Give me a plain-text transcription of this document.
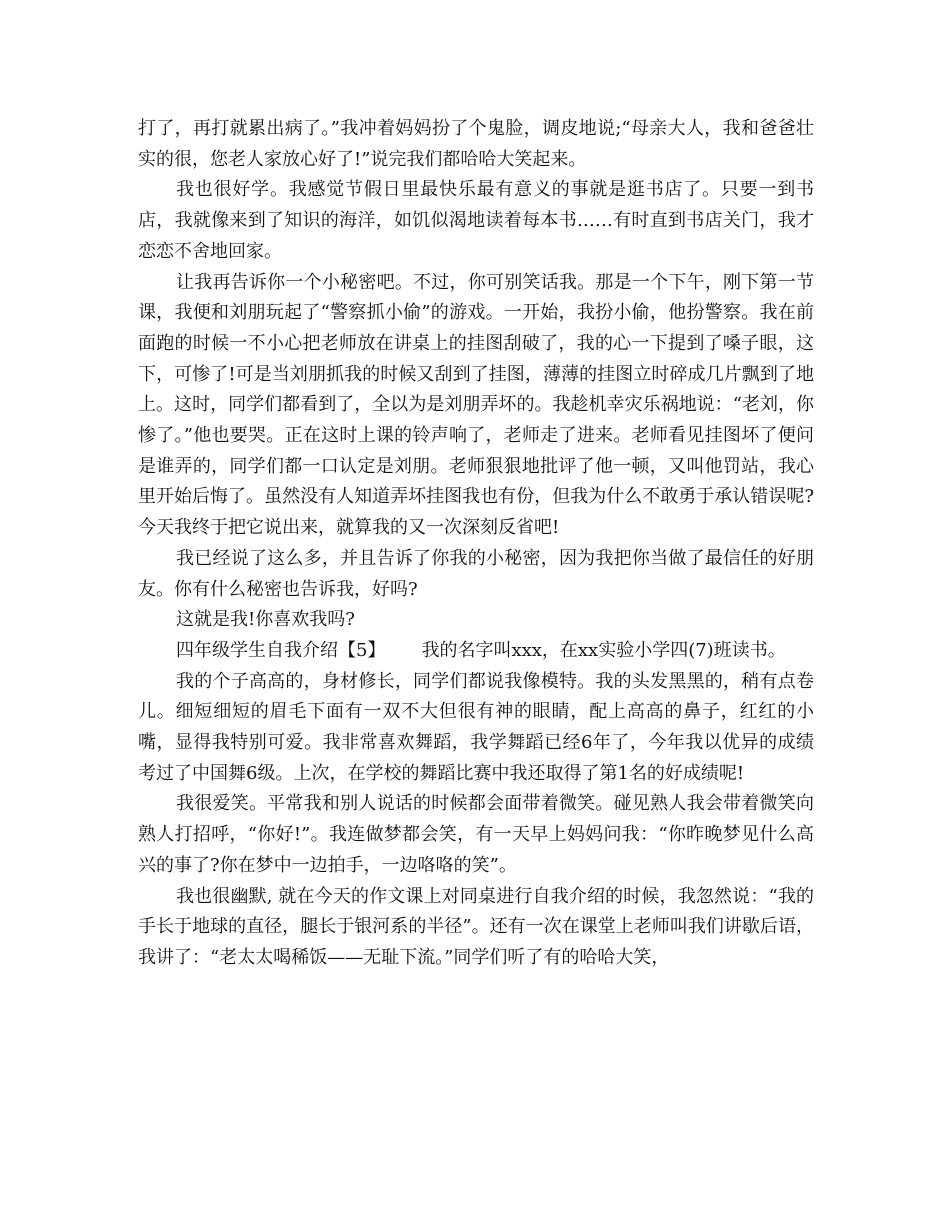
打了，再打就累出病了。”我冲着妈妈扮了个鬼脸，调皮地说;“母亲大人，我和爸爸壮实的很，您老人家放心好了!”说完我们都哈哈大笑起来。

我也很好学。我感觉节假日里最快乐最有意义的事就是逛书店了。只要一到书店，我就像来到了知识的海洋，如饥似渴地读着每本书……有时直到书店关门，我才恋恋不舍地回家。

让我再告诉你一个小秘密吧。不过，你可别笑话我。那是一个下午，刚下第一节课，我便和刘朋玩起了“警察抓小偷”的游戏。一开始，我扮小偷，他扮警察。我在前面跑的时候一不小心把老师放在讲桌上的挂图刮破了，我的心一下提到了嗓子眼，这下，可惨了!可是当刘朋抓我的时候又刮到了挂图，薄薄的挂图立时碎成几片飘到了地上。这时，同学们都看到了，全以为是刘朋弄坏的。我趁机幸灾乐祸地说：“老刘，你惨了。”他也要哭。正在这时上课的铃声响了，老师走了进来。老师看见挂图坏了便问是谁弄的，同学们都一口认定是刘朋。老师狠狠地批评了他一顿，又叫他罚站，我心里开始后悔了。虽然没有人知道弄坏挂图我也有份，但我为什么不敢勇于承认错误呢?今天我终于把它说出来，就算我的又一次深刻反省吧!

我已经说了这么多，并且告诉了你我的小秘密，因为我把你当做了最信任的好朋友。你有什么秘密也告诉我，好吗?

这就是我!你喜欢我吗?

四年级学生自我介绍【5】 我的名字叫xxx，在xx实验小学四(7)班读书。

我的个子高高的，身材修长，同学们都说我像模特。我的头发黑黑的，稍有点卷儿。细短细短的眉毛下面有一双不大但很有神的眼睛，配上高高的鼻子，红红的小嘴，显得我特别可爱。我非常喜欢舞蹈，我学舞蹈已经6年了，今年我以优异的成绩考过了中国舞6级。上次，在学校的舞蹈比赛中我还取得了第1名的好成绩呢!

我很爱笑。平常我和别人说话的时候都会面带着微笑。碰见熟人我会带着微笑向熟人打招呼，“你好!”。我连做梦都会笑，有一天早上妈妈问我：“你昨晚梦见什么高兴的事了?你在梦中一边拍手，一边咯咯的笑”。

我也很幽默, 就在今天的作文课上对同桌进行自我介绍的时候，我忽然说：“我的手长于地球的直径，腿长于银河系的半径”。还有一次在课堂上老师叫我们讲歇后语，我讲了：“老太太喝稀饭——无耻下流。”同学们听了有的哈哈大笑，
